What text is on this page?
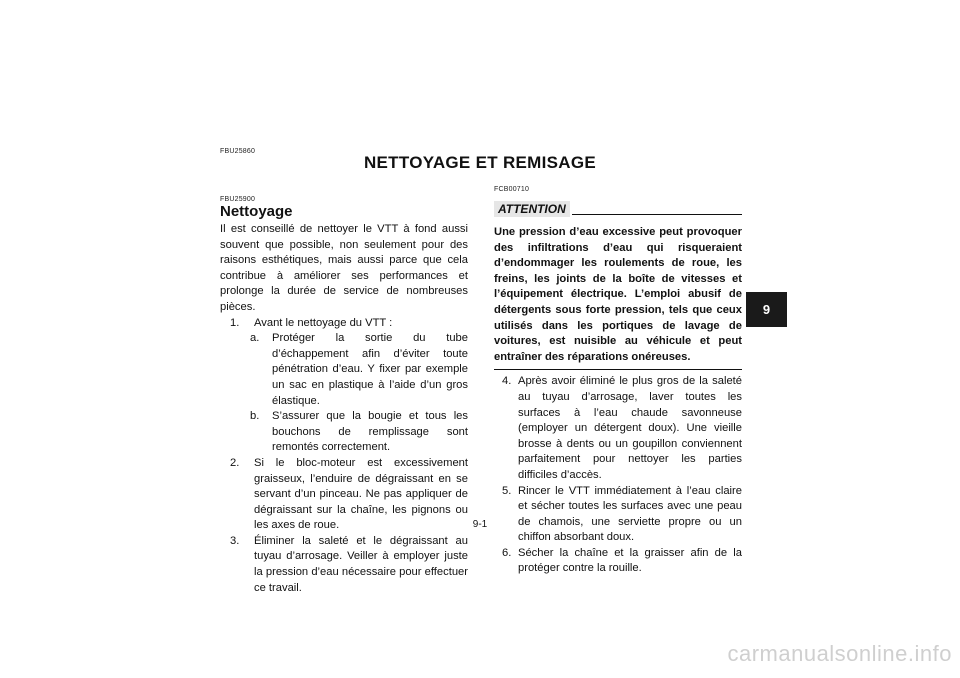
FBU25860
NETTOYAGE ET REMISAGE
FBU25900
Nettoyage

Il est conseillé de nettoyer le VTT à fond aussi souvent que possible, non seulement pour des raisons esthétiques, mais aussi parce que cela contribue à améliorer ses performances et prolonge la durée de service de nombreuses pièces.

1. Avant le nettoyage du VTT :
a. Protéger la sortie du tube d’échappement afin d’éviter toute pénétration d’eau. Y fixer par exemple un sac en plastique à l’aide d’un gros élastique.
b. S’assurer que la bougie et tous les bouchons de remplissage sont remontés correctement.
2. Si le bloc-moteur est excessivement graisseux, l’enduire de dégraissant en se servant d’un pinceau. Ne pas appliquer de dégraissant sur la chaîne, les pignons ou les axes de roue.
3. Éliminer la saleté et le dégraissant au tuyau d’arrosage. Veiller à employer juste la pression d’eau nécessaire pour effectuer ce travail.
FCB00710
ATTENTION
Une pression d’eau excessive peut provoquer des infiltrations d’eau qui risqueraient d’endommager les roulements de roue, les freins, les joints de la boîte de vitesses et l’équipement électrique. L’emploi abusif de détergents sous forte pression, tels que ceux utilisés dans les portiques de lavage de voitures, est nuisible au véhicule et peut entraîner des réparations onéreuses.
4. Après avoir éliminé le plus gros de la saleté au tuyau d’arrosage, laver toutes les surfaces à l’eau chaude savonneuse (employer un détergent doux). Une vieille brosse à dents ou un goupillon conviennent parfaitement pour nettoyer les parties difficiles d’accès.
5. Rincer le VTT immédiatement à l’eau claire et sécher toutes les surfaces avec une peau de chamois, une serviette propre ou un chiffon absorbant doux.
6. Sécher la chaîne et la graisser afin de la protéger contre la rouille.
9
9-1
carmanualsonline.info
